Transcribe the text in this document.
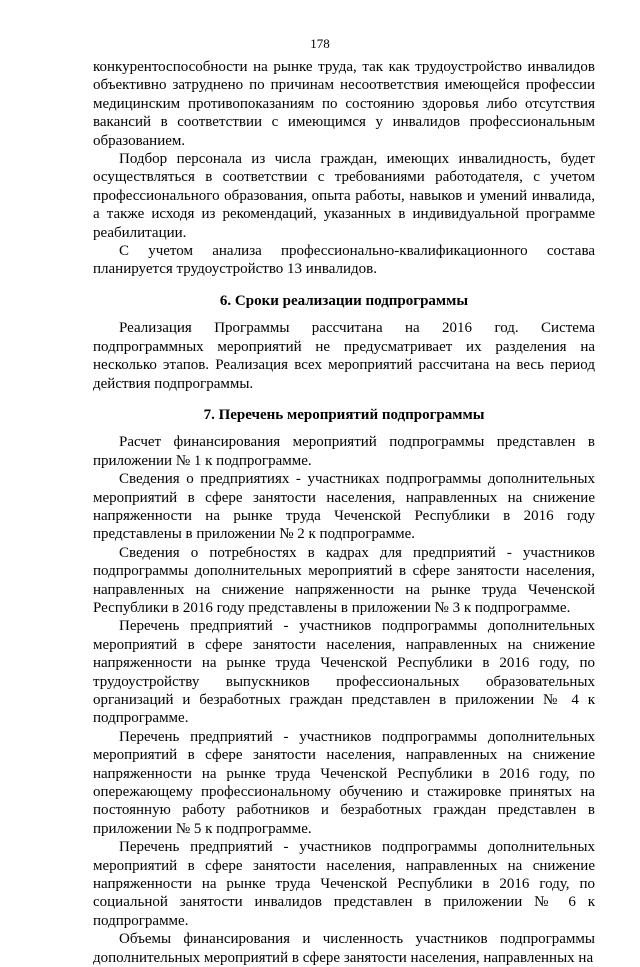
178

конкурентоспособности на рынке труда, так как трудоустройство инвалидов объективно затруднено по причинам несоответствия имеющейся профессии медицинским противопоказаниям по состоянию здоровья либо отсутствия вакансий в соответствии с имеющимся у инвалидов профессиональным образованием.

Подбор персонала из числа граждан, имеющих инвалидность, будет осуществляться в соответствии с требованиями работодателя, с учетом профессионального образования, опыта работы, навыков и умений инвалида, а также исходя из рекомендаций, указанных в индивидуальной программе реабилитации.

С учетом анализа профессионально-квалификационного состава планируется трудоустройство 13 инвалидов.

6. Сроки реализации подпрограммы

Реализация Программы рассчитана на 2016 год. Система подпрограммных мероприятий не предусматривает их разделения на несколько этапов. Реализация всех мероприятий рассчитана на весь период действия подпрограммы.

7. Перечень мероприятий подпрограммы

Расчет финансирования мероприятий подпрограммы представлен в приложении № 1 к подпрограмме.

Сведения о предприятиях - участниках подпрограммы дополнительных мероприятий в сфере занятости населения, направленных на снижение напряженности на рынке труда Чеченской Республики в 2016 году представлены в приложении № 2 к подпрограмме.

Сведения о потребностях в кадрах для предприятий - участников подпрограммы дополнительных мероприятий в сфере занятости населения, направленных на снижение напряженности на рынке труда Чеченской Республики в 2016 году представлены в приложении № 3 к подпрограмме.

Перечень предприятий - участников подпрограммы дополнительных мероприятий в сфере занятости населения, направленных на снижение напряженности на рынке труда Чеченской Республики в 2016 году, по трудоустройству выпускников профессиональных образовательных организаций и безработных граждан представлен в приложении № 4 к подпрограмме.

Перечень предприятий - участников подпрограммы дополнительных мероприятий в сфере занятости населения, направленных на снижение напряженности на рынке труда Чеченской Республики в 2016 году, по опережающему профессиональному обучению и стажировке принятых на постоянную работу работников и безработных граждан представлен в приложении № 5 к подпрограмме.

Перечень предприятий - участников подпрограммы дополнительных мероприятий в сфере занятости населения, направленных на снижение напряженности на рынке труда Чеченской Республики в 2016 году, по социальной занятости инвалидов представлен в приложении № 6 к подпрограмме.

Объемы финансирования и численность участников подпрограммы дополнительных мероприятий в сфере занятости населения, направленных на
